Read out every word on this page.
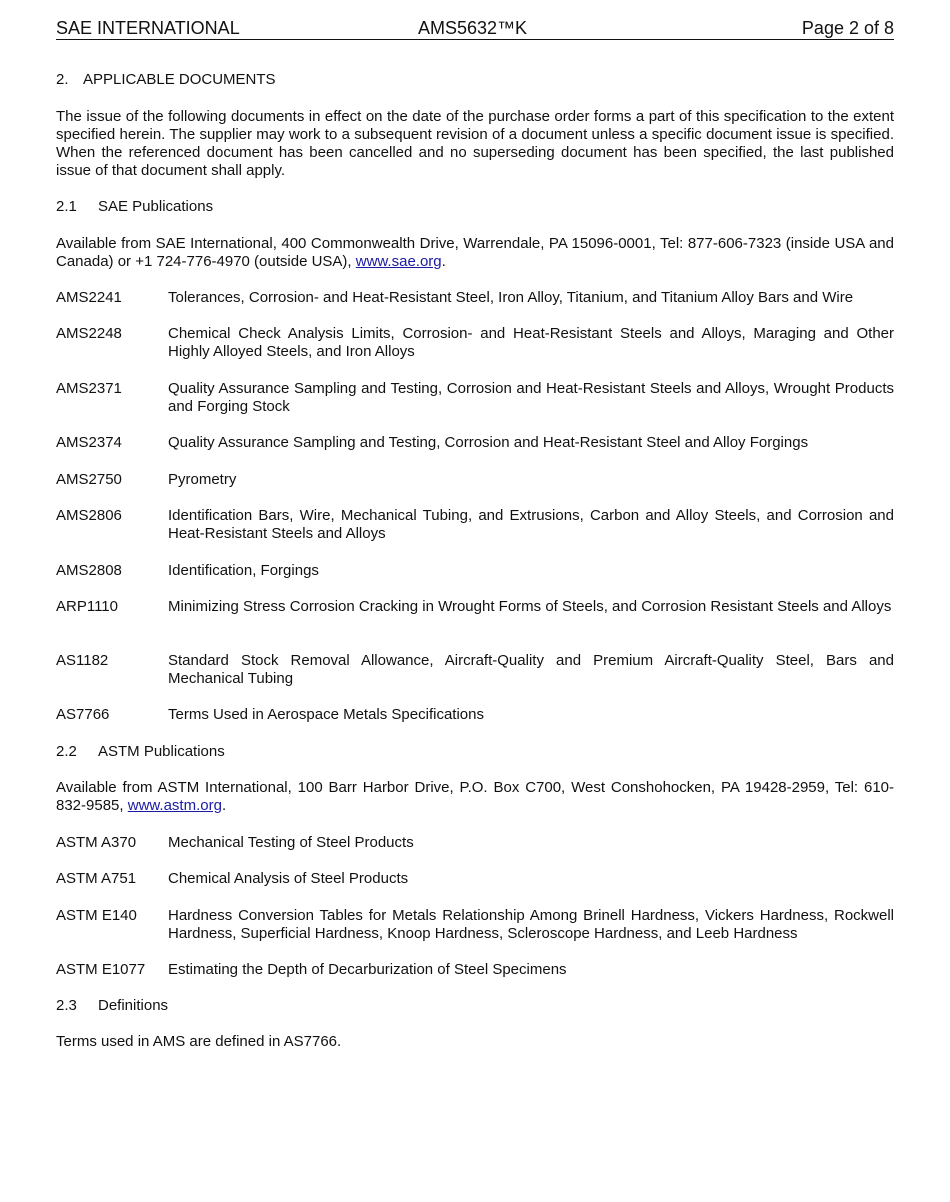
SAE INTERNATIONAL	AMS5632™K	Page 2 of 8
2. APPLICABLE DOCUMENTS
The issue of the following documents in effect on the date of the purchase order forms a part of this specification to the extent specified herein. The supplier may work to a subsequent revision of a document unless a specific document issue is specified. When the referenced document has been cancelled and no superseding document has been specified, the last published issue of that document shall apply.
2.1 SAE Publications
Available from SAE International, 400 Commonwealth Drive, Warrendale, PA 15096-0001, Tel: 877-606-7323 (inside USA and Canada) or +1 724-776-4970 (outside USA), www.sae.org.
AMS2241	Tolerances, Corrosion- and Heat-Resistant Steel, Iron Alloy, Titanium, and Titanium Alloy Bars and Wire
AMS2248	Chemical Check Analysis Limits, Corrosion- and Heat-Resistant Steels and Alloys, Maraging and Other Highly Alloyed Steels, and Iron Alloys
AMS2371	Quality Assurance Sampling and Testing, Corrosion and Heat-Resistant Steels and Alloys, Wrought Products and Forging Stock
AMS2374	Quality Assurance Sampling and Testing, Corrosion and Heat-Resistant Steel and Alloy Forgings
AMS2750	Pyrometry
AMS2806	Identification Bars, Wire, Mechanical Tubing, and Extrusions, Carbon and Alloy Steels, and Corrosion and Heat-Resistant Steels and Alloys
AMS2808	Identification, Forgings
ARP1110	Minimizing Stress Corrosion Cracking in Wrought Forms of Steels, and Corrosion Resistant Steels and Alloys
AS1182	Standard Stock Removal Allowance, Aircraft-Quality and Premium Aircraft-Quality Steel, Bars and Mechanical Tubing
AS7766	Terms Used in Aerospace Metals Specifications
2.2 ASTM Publications
Available from ASTM International, 100 Barr Harbor Drive, P.O. Box C700, West Conshohocken, PA 19428-2959, Tel: 610-832-9585, www.astm.org.
ASTM A370 Mechanical Testing of Steel Products
ASTM A751 Chemical Analysis of Steel Products
ASTM E140 Hardness Conversion Tables for Metals Relationship Among Brinell Hardness, Vickers Hardness, Rockwell Hardness, Superficial Hardness, Knoop Hardness, Scleroscope Hardness, and Leeb Hardness
ASTM E1077 Estimating the Depth of Decarburization of Steel Specimens
2.3 Definitions
Terms used in AMS are defined in AS7766.
